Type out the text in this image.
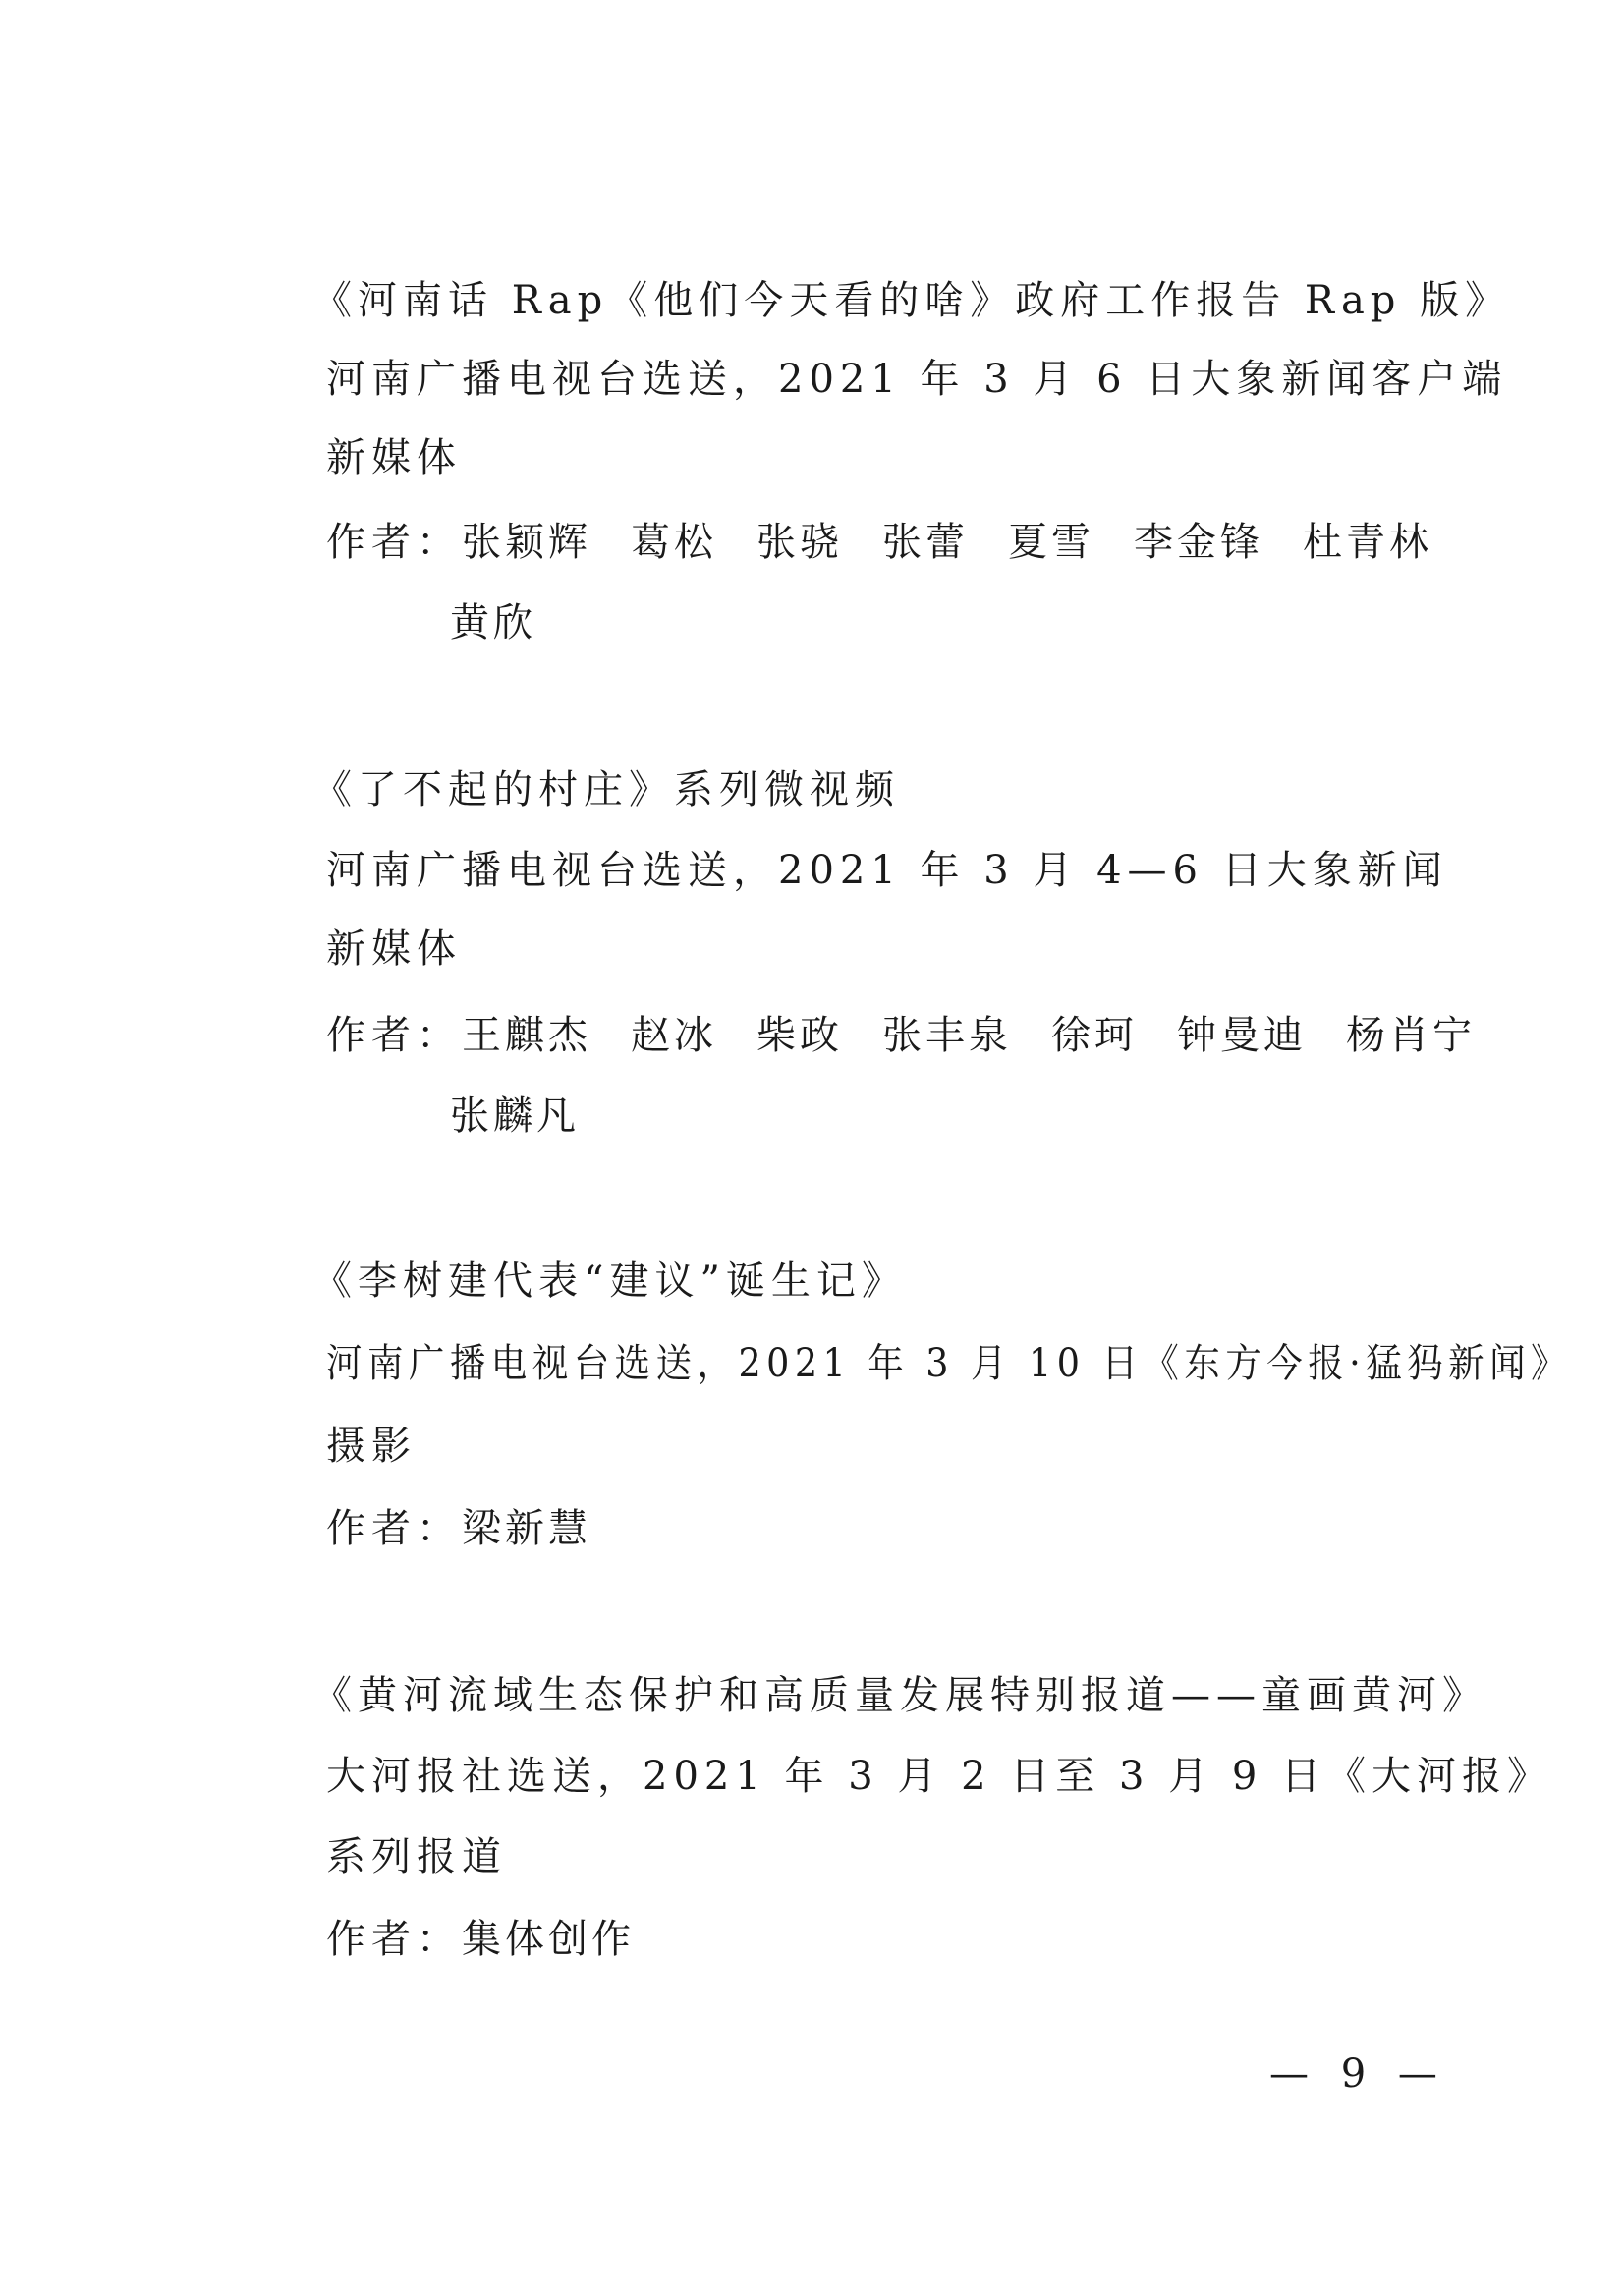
《河南话 Rap《他们今天看的啥》政府工作报告 Rap 版》
河南广播电视台选送，2021 年 3 月 6 日大象新闻客户端
新媒体
作者： 张颖辉 葛松 张骁 张蕾 夏雪 李金锋 杜青林
黄欣
《了不起的村庄》系列微视频
河南广播电视台选送，2021 年 3 月 4—6 日大象新闻
新媒体
作者： 王麒杰 赵冰 柴政 张丰泉 徐珂 钟曼迪 杨肖宁
张麟凡
《李树建代表“建议”诞生记》
河南广播电视台选送，2021 年 3 月 10 日《东方今报·猛犸新闻》
摄影
作者： 梁新慧
《黄河流域生态保护和高质量发展特别报道——童画黄河》
大河报社选送，2021 年 3 月 2 日至 3 月 9 日《大河报》
系列报道
作者： 集体创作
— 9 —
